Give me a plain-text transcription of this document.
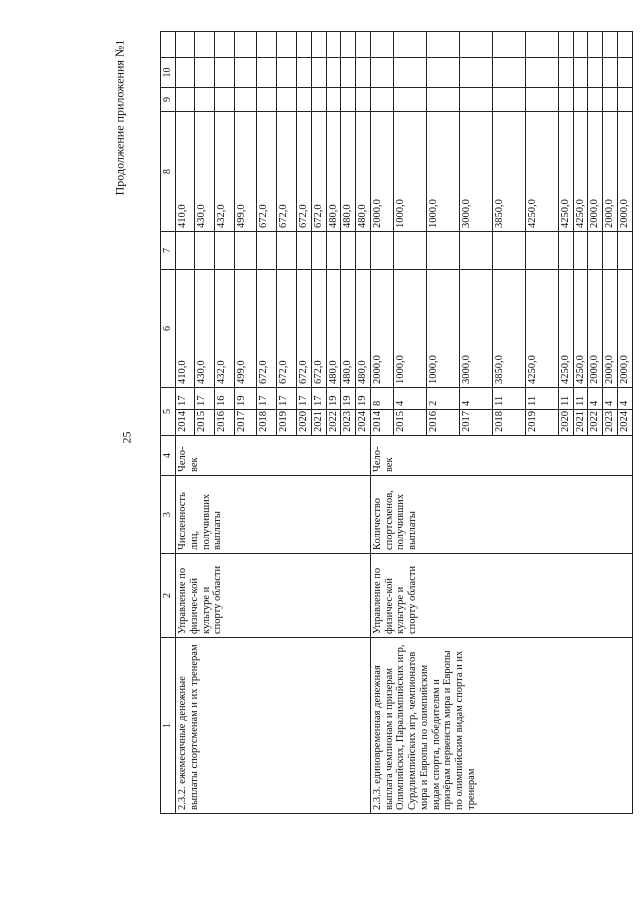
25
Продолжение приложения №1
1	2	3	4	5		6	7	8	9	10	
2.3.2. ежемесячные денежные выплаты спортсменам и их тренерам	Управление по физичес-кой культуре и спорту области	Численность лиц, получивших выплаты	Чело-век	2014	17	410,0		410,0			
				2015	17	430,0		430,0			
				2016	16	432,0		432,0			
				2017	19	499,0		499,0			
				2018	17	672,0		672,0			
				2019	17	672,0		672,0			
				2020	17	672,0		672,0			
				2021	17	672,0		672,0			
				2022	19	480,0		480,0			
				2023	19	480,0		480,0			
				2024	19	480,0		480,0			
2.3.3. единовременная денежная выплата чемпионам и призерам Олимпийских, Паралимпийских игр, Сурдлимпийских игр, чемпионатов мира и Европы по олимпийским видам спорта, победителям и призёрам первенств мира и Европы по олимпийским видам спорта и их тренерам	Управление по физичес-кой культуре и спорту области	Количество спортсменов, получивших выплаты	Чело-век	2014	8	2000,0		2000,0			
				2015	4	1000,0		1000,0			
				2016	2	1000,0		1000,0			
				2017	4	3000,0		3000,0			
				2018	11	3850,0		3850,0			
				2019	11	4250,0		4250,0			
				2020	11	4250,0		4250,0			
				2021	11	4250,0		4250,0			
				2022	4	2000,0		2000,0			
				2023	4	2000,0		2000,0			
				2024	4	2000,0		2000,0			
